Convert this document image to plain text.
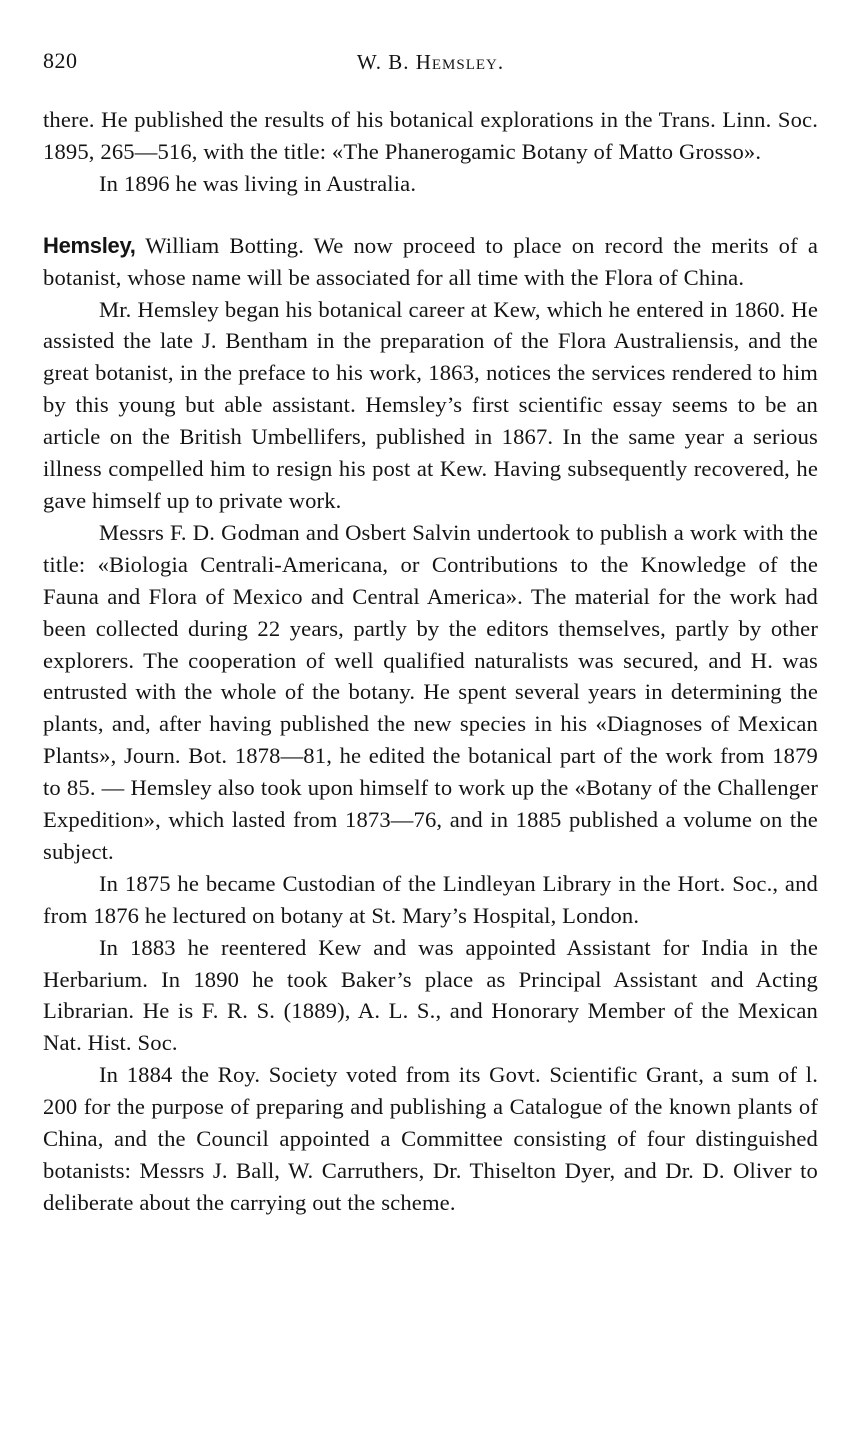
820	W. B. Hemsley.

there. He published the results of his botanical explorations in the Trans. Linn. Soc. 1895, 265—516, with the title: «The Phanerogamic Botany of Matto Grosso».

In 1896 he was living in Australia.

Hemsley, William Botting. We now proceed to place on record the merits of a botanist, whose name will be associated for all time with the Flora of China.

Mr. Hemsley began his botanical career at Kew, which he entered in 1860. He assisted the late J. Bentham in the preparation of the Flora Australiensis, and the great botanist, in the preface to his work, 1863, notices the services rendered to him by this young but able assistant. Hemsley’s first scientific essay seems to be an article on the British Umbellifers, published in 1867. In the same year a serious illness compelled him to resign his post at Kew. Having subsequently recovered, he gave himself up to private work.

Messrs F. D. Godman and Osbert Salvin undertook to publish a work with the title: «Biologia Centrali-Americana, or Contributions to the Knowledge of the Fauna and Flora of Mexico and Central America». The material for the work had been collected during 22 years, partly by the editors themselves, partly by other explorers. The cooperation of well qualified naturalists was secured, and H. was entrusted with the whole of the botany. He spent several years in determining the plants, and, after having published the new species in his «Diagnoses of Mexican Plants», Journ. Bot. 1878—81, he edited the botanical part of the work from 1879 to 85. — Hemsley also took upon himself to work up the «Botany of the Challenger Expedition», which lasted from 1873—76, and in 1885 published a volume on the subject.

In 1875 he became Custodian of the Lindleyan Library in the Hort. Soc., and from 1876 he lectured on botany at St. Mary’s Hospital, London.

In 1883 he reentered Kew and was appointed Assistant for India in the Herbarium. In 1890 he took Baker’s place as Principal Assistant and Acting Librarian. He is F. R. S. (1889), A. L. S., and Honorary Member of the Mexican Nat. Hist. Soc.

In 1884 the Roy. Society voted from its Govt. Scientific Grant, a sum of l. 200 for the purpose of preparing and publishing a Catalogue of the known plants of China, and the Council appointed a Committee consisting of four distinguished botanists: Messrs J. Ball, W. Carruthers, Dr. Thiselton Dyer, and Dr. D. Oliver to deliberate about the carrying out the scheme.
